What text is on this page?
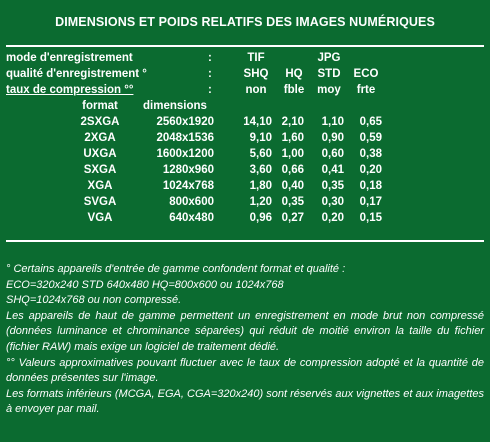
DIMENSIONS ET POIDS RELATIFS DES IMAGES NUMÉRIQUES
mode d'enregistrement	:	TIF	JPG
qualité d'enregistrement °	:	SHQ	HQ	STD	ECO
taux de compression °°	:	non	fble	moy	frte
format	dimensions
2SXGA	2560x1920	14,10 2,10	1,10	0,65
2XGA	2048x1536	9,10 1,60	0,90	0,59
UXGA	1600x1200	5,60 1,00	0,60	0,38
SXGA	1280x960	3,60 0,66	0,41	0,20
XGA	1024x768	1,80 0,40	0,35	0,18
SVGA	800x600	1,20 0,35	0,30	0,17
VGA	640x480	0,96 0,27	0,20	0,15

° Certains appareils d'entrée de gamme confondent format et qualité :

ECO=320x240 STD 640x480 HQ=800x600 ou 1024x768

SHQ=1024x768 ou non compressé.

Les appareils de haut de gamme permettent un enregistrement en mode brut non compressé (données luminance et chrominance séparées) qui réduit de moitié environ la taille du fichier (fichier RAW) mais exige un logiciel de traitement dédié.

°° Valeurs approximatives pouvant fluctuer avec le taux de compression adopté et la quantité de données présentes sur l'image.

Les formats inférieurs (MCGA, EGA, CGA=320x240) sont réservés aux vignettes et aux imagettes à envoyer par mail.
